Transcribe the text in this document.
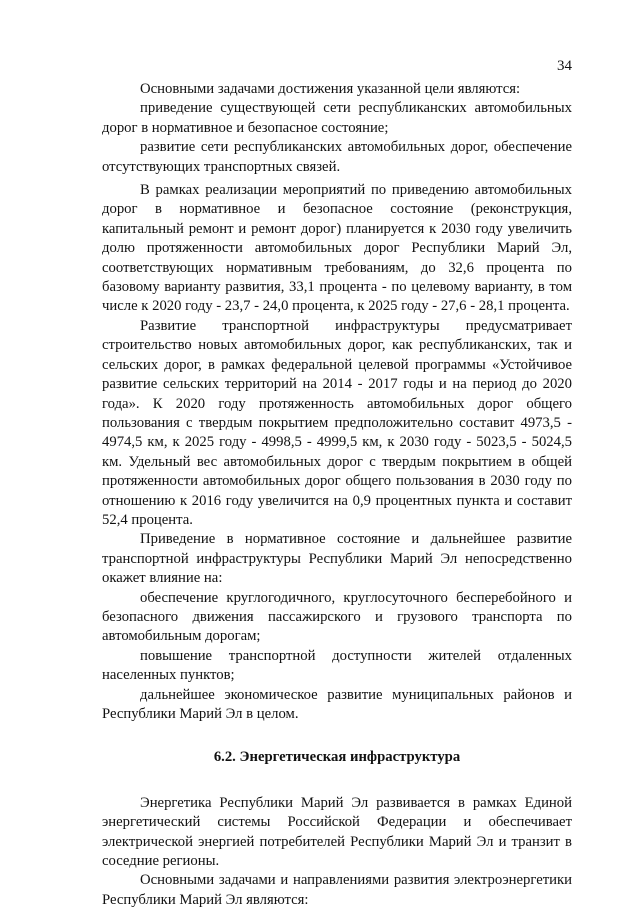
34

Основными задачами достижения указанной цели являются:

приведение существующей сети республиканских автомобильных дорог в нормативное и безопасное состояние;

развитие сети республиканских автомобильных дорог, обеспечение отсутствующих транспортных связей.

В рамках реализации мероприятий по приведению автомобильных дорог в нормативное и безопасное состояние (реконструкция, капитальный ремонт и ремонт дорог) планируется к 2030 году увеличить долю протяженности автомобильных дорог Республики Марий Эл, соответствующих нормативным требованиям, до 32,6 процента по базовому варианту развития, 33,1 процента - по целевому варианту, в том числе к 2020 году - 23,7 - 24,0 процента, к 2025 году - 27,6 - 28,1 процента.

Развитие транспортной инфраструктуры предусматривает строительство новых автомобильных дорог, как республиканских, так и сельских дорог, в рамках федеральной целевой программы «Устойчивое развитие сельских территорий на 2014 - 2017 годы и на период до 2020 года». К 2020 году протяженность автомобильных дорог общего пользования с твердым покрытием предположительно составит 4973,5 - 4974,5 км, к 2025 году - 4998,5 - 4999,5 км, к 2030 году - 5023,5 - 5024,5 км. Удельный вес автомобильных дорог с твердым покрытием в общей протяженности автомобильных дорог общего пользования в 2030 году по отношению к 2016 году увеличится на 0,9 процентных пункта и составит 52,4 процента.

Приведение в нормативное состояние и дальнейшее развитие транспортной инфраструктуры Республики Марий Эл непосредственно окажет влияние на:

обеспечение круглогодичного, круглосуточного бесперебойного и безопасного движения пассажирского и грузового транспорта по автомобильным дорогам;

повышение транспортной доступности жителей отдаленных населенных пунктов;

дальнейшее экономическое развитие муниципальных районов и Республики Марий Эл в целом.

6.2. Энергетическая инфраструктура

Энергетика Республики Марий Эл развивается в рамках Единой энергетический системы Российской Федерации и обеспечивает электрической энергией потребителей Республики Марий Эл и транзит в соседние регионы.

Основными задачами и направлениями развития электроэнергетики Республики Марий Эл являются:
